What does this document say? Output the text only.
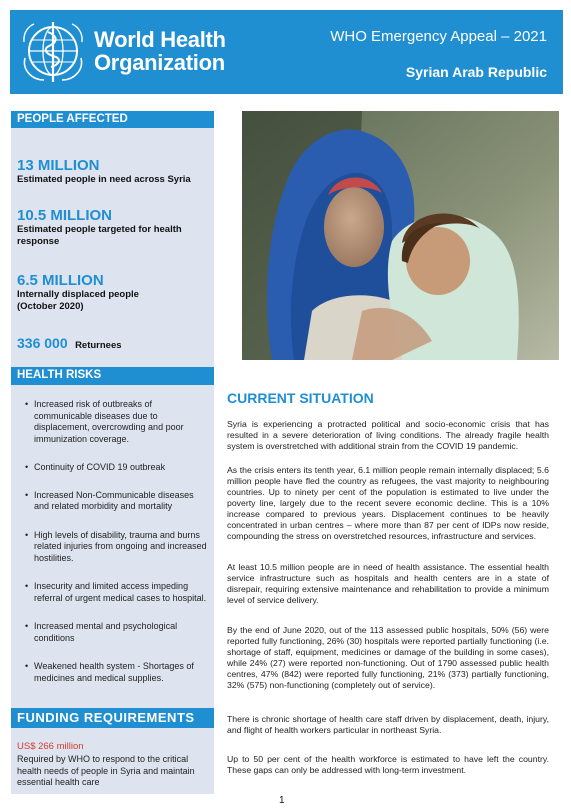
World Health
Organization
WHO Emergency Appeal – 2021
Syrian Arab Republic
PEOPLE AFFECTED
13 MILLION
Estimated people in need across Syria
10.5 MILLION
Estimated people targeted for health response
6.5 MILLION
Internally displaced people (October 2020)
336 000 Returnees
HEALTH RISKS
• Increased risk of outbreaks of communicable diseases due to displacement, overcrowding and poor immunization coverage.
• Continuity of COVID 19 outbreak
• Increased Non-Communicable diseases and related morbidity and mortality
• High levels of disability, trauma and burns related injuries from ongoing and increased hostilities.
• Insecurity and limited access impeding referral of urgent medical cases to hospital.
• Increased mental and psychological conditions
• Weakened health system - Shortages of medicines and medical supplies.
FUNDING REQUIREMENTS
US$ 266 million
Required by WHO to respond to the critical health needs of people in Syria and maintain essential health care
CURRENT SITUATION

Syria is experiencing a protracted political and socio-economic crisis that has resulted in a severe deterioration of living conditions. The already fragile health system is overstretched with additional strain from the COVID 19 pandemic.

As the crisis enters its tenth year, 6.1 million people remain internally displaced; 5.6 million people have fled the country as refugees, the vast majority to neighbouring countries. Up to ninety per cent of the population is estimated to live under the poverty line, largely due to the recent severe economic decline. This is a 10% increase compared to previous years. Displacement continues to be heavily concentrated in urban centres – where more than 87 per cent of IDPs now reside, compounding the stress on overstretched resources, infrastructure and services.

At least 10.5 million people are in need of health assistance. The essential health service infrastructure such as hospitals and health centers are in a state of disrepair, requiring extensive maintenance and rehabilitation to provide a minimum level of service delivery.

By the end of June 2020, out of the 113 assessed public hospitals, 50% (56) were reported fully functioning, 26% (30) hospitals were reported partially functioning (i.e. shortage of staff, equipment, medicines or damage of the building in some cases), while 24% (27) were reported non-functioning. Out of 1790 assessed public health centres, 47% (842) were reported fully functioning, 21% (373) partially functioning, 32% (575) non-functioning (completely out of service).

There is chronic shortage of health care staff driven by displacement, death, injury, and flight of health workers particular in northeast Syria.

Up to 50 per cent of the health workforce is estimated to have left the country. These gaps can only be addressed with long-term investment.

1
